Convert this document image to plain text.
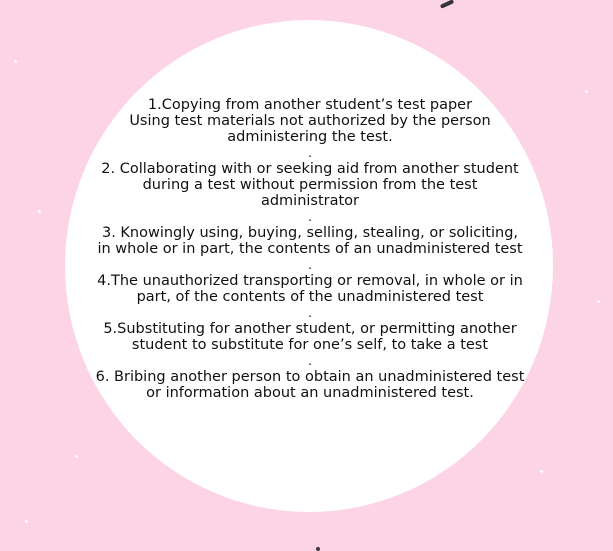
1.Copying from another student’s test paper
Using test materials not authorized by the person administering the test.

.

2. Collaborating with or seeking aid from another student during a test without permission from the test administrator

.

3. Knowingly using, buying, selling, stealing, or soliciting, in whole or in part, the contents of an unadministered test

.

4.The unauthorized transporting or removal, in whole or in part, of the contents of the unadministered test

.

5.Substituting for another student, or permitting another student to substitute for one’s self, to take a test

.

6. Bribing another person to obtain an unadministered test or information about an unadministered test.
